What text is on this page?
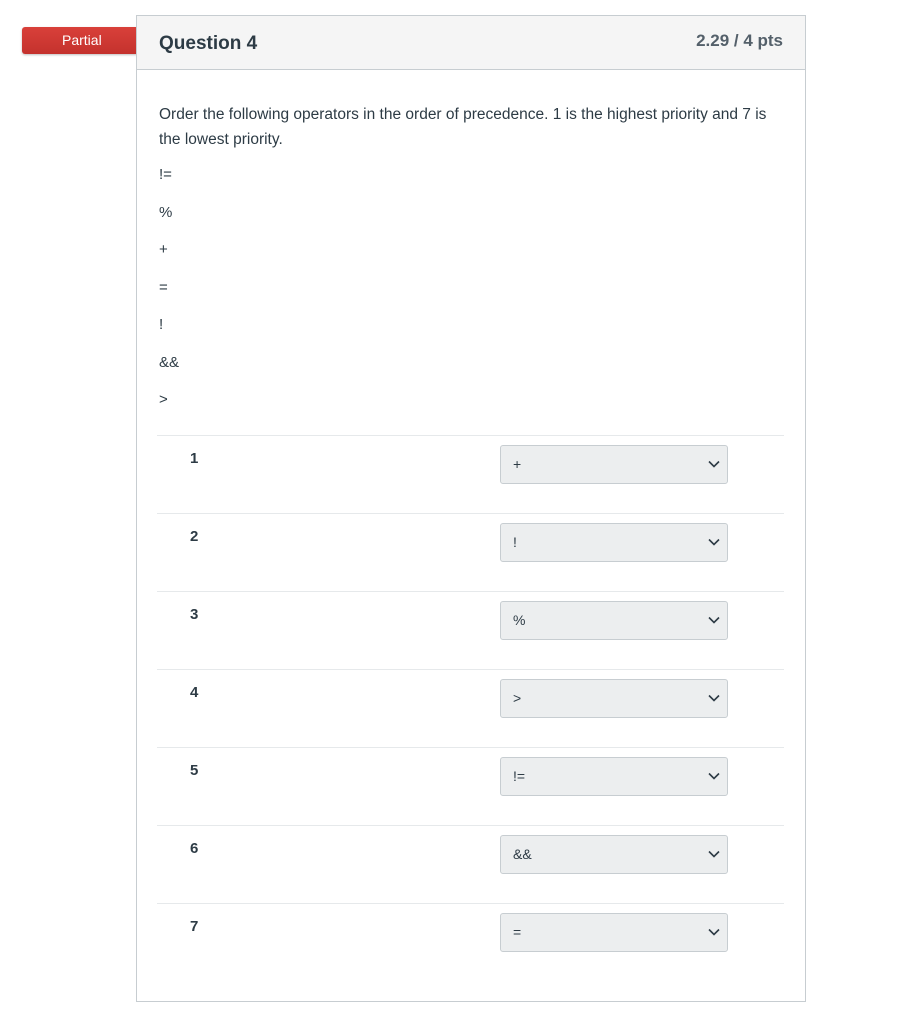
Partial	Question 4	2.29 / 4 pts
Order the following operators in the order of precedence. 1 is the highest priority and 7 is the lowest priority.
!=
%
+
=
!
&&
>
1	+
2	!
3	%
4	>
5	!=
6	&&
7	=
